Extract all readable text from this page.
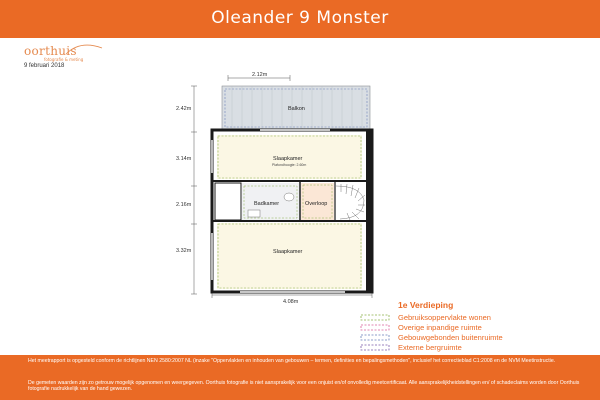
Oleander 9 Monster
oorthuis
fotografie & meting
9 februari 2018
2.12m
4.08m
2.42m
3.14m
2.16m
3.32m
Balkon
Slaapkamer
Plafondhoogte: 2.60m
Badkamer	Overloop
Slaapkamer
1e Verdieping
Gebruiksoppervlakte wonen
Overige inpandige ruimte
Gebouwgebonden buitenruimte
Externe bergruimte
Het meetrapport is opgesteld conform de richtlijnen NEN 2580:2007 NL (inzake "Oppervlakten en inhouden van gebouwen – termen, definities en bepalingsmethoden", inclusief het correctieblad C1:2008 en de NVM Meetinstructie.
De gemeten waarden zijn zo getrouw mogelijk opgenomen en weergegeven. Oorthuis fotografie is niet aansprakelijk voor een onjuist en/of onvolledig meetcertificaat. Alle aansprakelijkheidstellingen en/ of schadeclaims worden door Oorthuis fotografie nadrukkelijk van de hand gewezen.
